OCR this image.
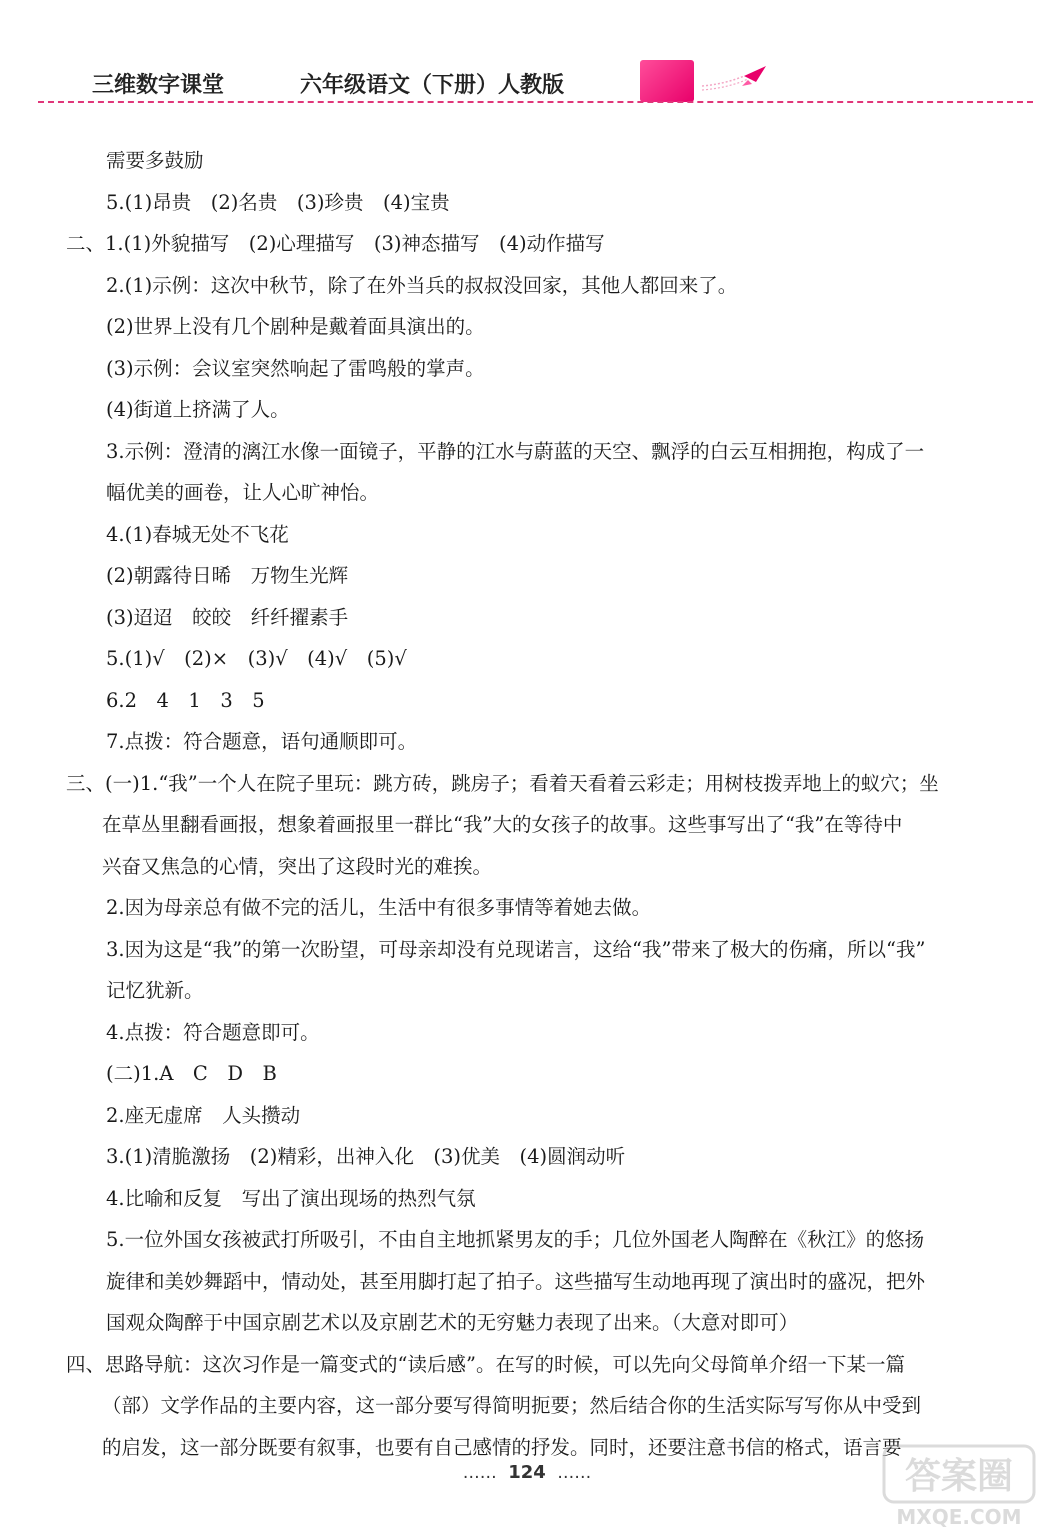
三维数字课堂	六年级语文（下册）人教版
需要多鼓励
5.(1)昂贵　(2)名贵　(3)珍贵　(4)宝贵
二、1.(1)外貌描写　(2)心理描写　(3)神态描写　(4)动作描写
2.(1)示例：这次中秋节，除了在外当兵的叔叔没回家，其他人都回来了。
(2)世界上没有几个剧种是戴着面具演出的。
(3)示例：会议室突然响起了雷鸣般的掌声。
(4)街道上挤满了人。
3.示例：澄清的漓江水像一面镜子，平静的江水与蔚蓝的天空、飘浮的白云互相拥抱，构成了一
幅优美的画卷，让人心旷神怡。
4.(1)春城无处不飞花
(2)朝露待日晞　万物生光辉
(3)迢迢　皎皎　纤纤擢素手
5.(1)√　(2)×　(3)√　(4)√　(5)√
6.2　4　1　3　5
7.点拨：符合题意，语句通顺即可。
三、(一)1.“我”一个人在院子里玩：跳方砖，跳房子；看着天看着云彩走；用树枝拨弄地上的蚁穴；坐
在草丛里翻看画报，想象着画报里一群比“我”大的女孩子的故事。这些事写出了“我”在等待中
兴奋又焦急的心情，突出了这段时光的难挨。
2.因为母亲总有做不完的活儿，生活中有很多事情等着她去做。
3.因为这是“我”的第一次盼望，可母亲却没有兑现诺言，这给“我”带来了极大的伤痛，所以“我”
记忆犹新。
4.点拨：符合题意即可。
(二)1.A　C　D　B
2.座无虚席　人头攒动
3.(1)清脆激扬　(2)精彩，出神入化　(3)优美　(4)圆润动听
4.比喻和反复　写出了演出现场的热烈气氛
5.一位外国女孩被武打所吸引，不由自主地抓紧男友的手；几位外国老人陶醉在《秋江》的悠扬
旋律和美妙舞蹈中，情动处，甚至用脚打起了拍子。这些描写生动地再现了演出时的盛况，把外
国观众陶醉于中国京剧艺术以及京剧艺术的无穷魅力表现了出来。（大意对即可）
四、思路导航：这次习作是一篇变式的“读后感”。在写的时候，可以先向父母简单介绍一下某一篇
（部）文学作品的主要内容，这一部分要写得简明扼要；然后结合你的生活实际写写你从中受到
的启发，这一部分既要有叙事，也要有自己感情的抒发。同时，还要注意书信的格式，语言要
…… 124 ……	答案圈
MXQE.COM
